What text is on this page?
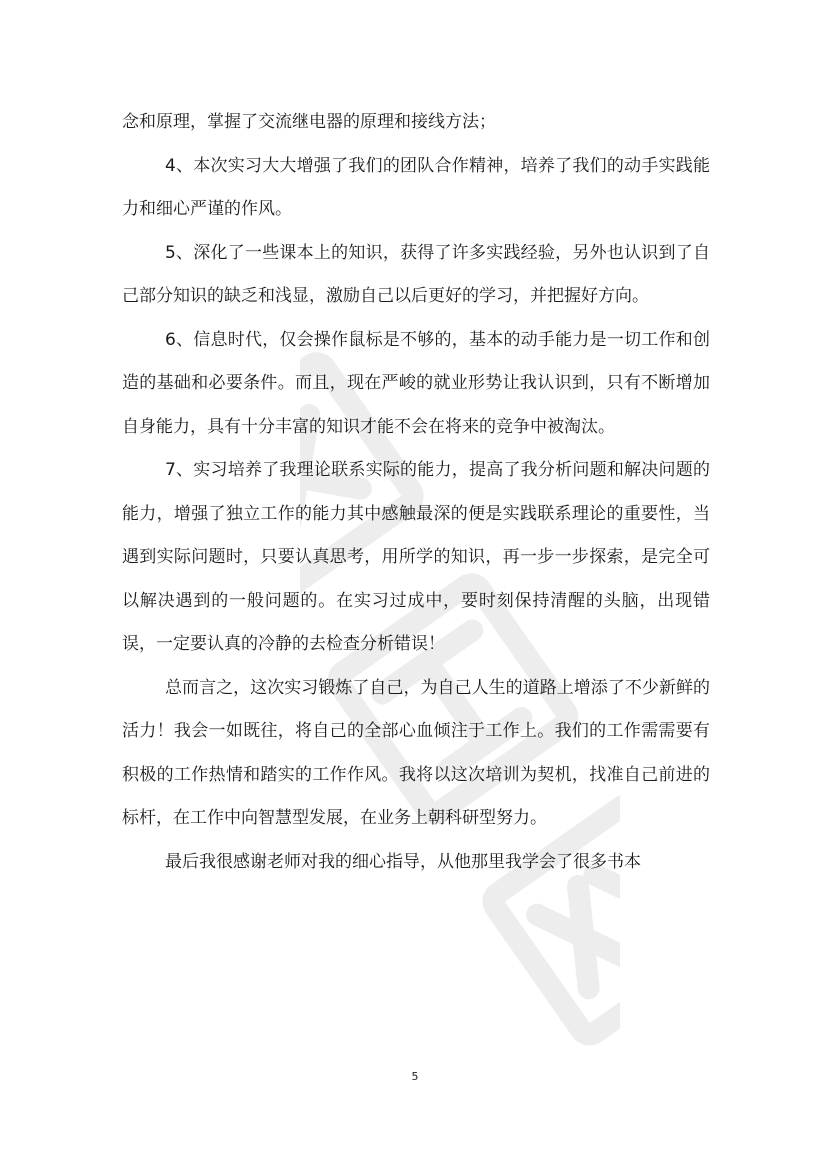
念和原理，掌握了交流继电器的原理和接线方法；

4、本次实习大大增强了我们的团队合作精神，培养了我们的动手实践能力和细心严谨的作风。

5、深化了一些课本上的知识，获得了许多实践经验，另外也认识到了自己部分知识的缺乏和浅显，激励自己以后更好的学习，并把握好方向。

6、信息时代，仅会操作鼠标是不够的，基本的动手能力是一切工作和创造的基础和必要条件。而且，现在严峻的就业形势让我认识到，只有不断增加自身能力，具有十分丰富的知识才能不会在将来的竞争中被淘汰。

7、实习培养了我理论联系实际的能力，提高了我分析问题和解决问题的能力，增强了独立工作的能力其中感触最深的便是实践联系理论的重要性，当遇到实际问题时，只要认真思考，用所学的知识，再一步一步探索，是完全可以解决遇到的一般问题的。在实习过成中，要时刻保持清醒的头脑，出现错误，一定要认真的冷静的去检查分析错误！

总而言之，这次实习锻炼了自己，为自己人生的道路上增添了不少新鲜的活力！我会一如既往，将自己的全部心血倾注于工作上。我们的工作需需要有积极的工作热情和踏实的工作作风。我将以这次培训为契机，找准自己前进的标杆，在工作中向智慧型发展，在业务上朝科研型努力。

最后我很感谢老师对我的细心指导，从他那里我学会了很多书本

5
